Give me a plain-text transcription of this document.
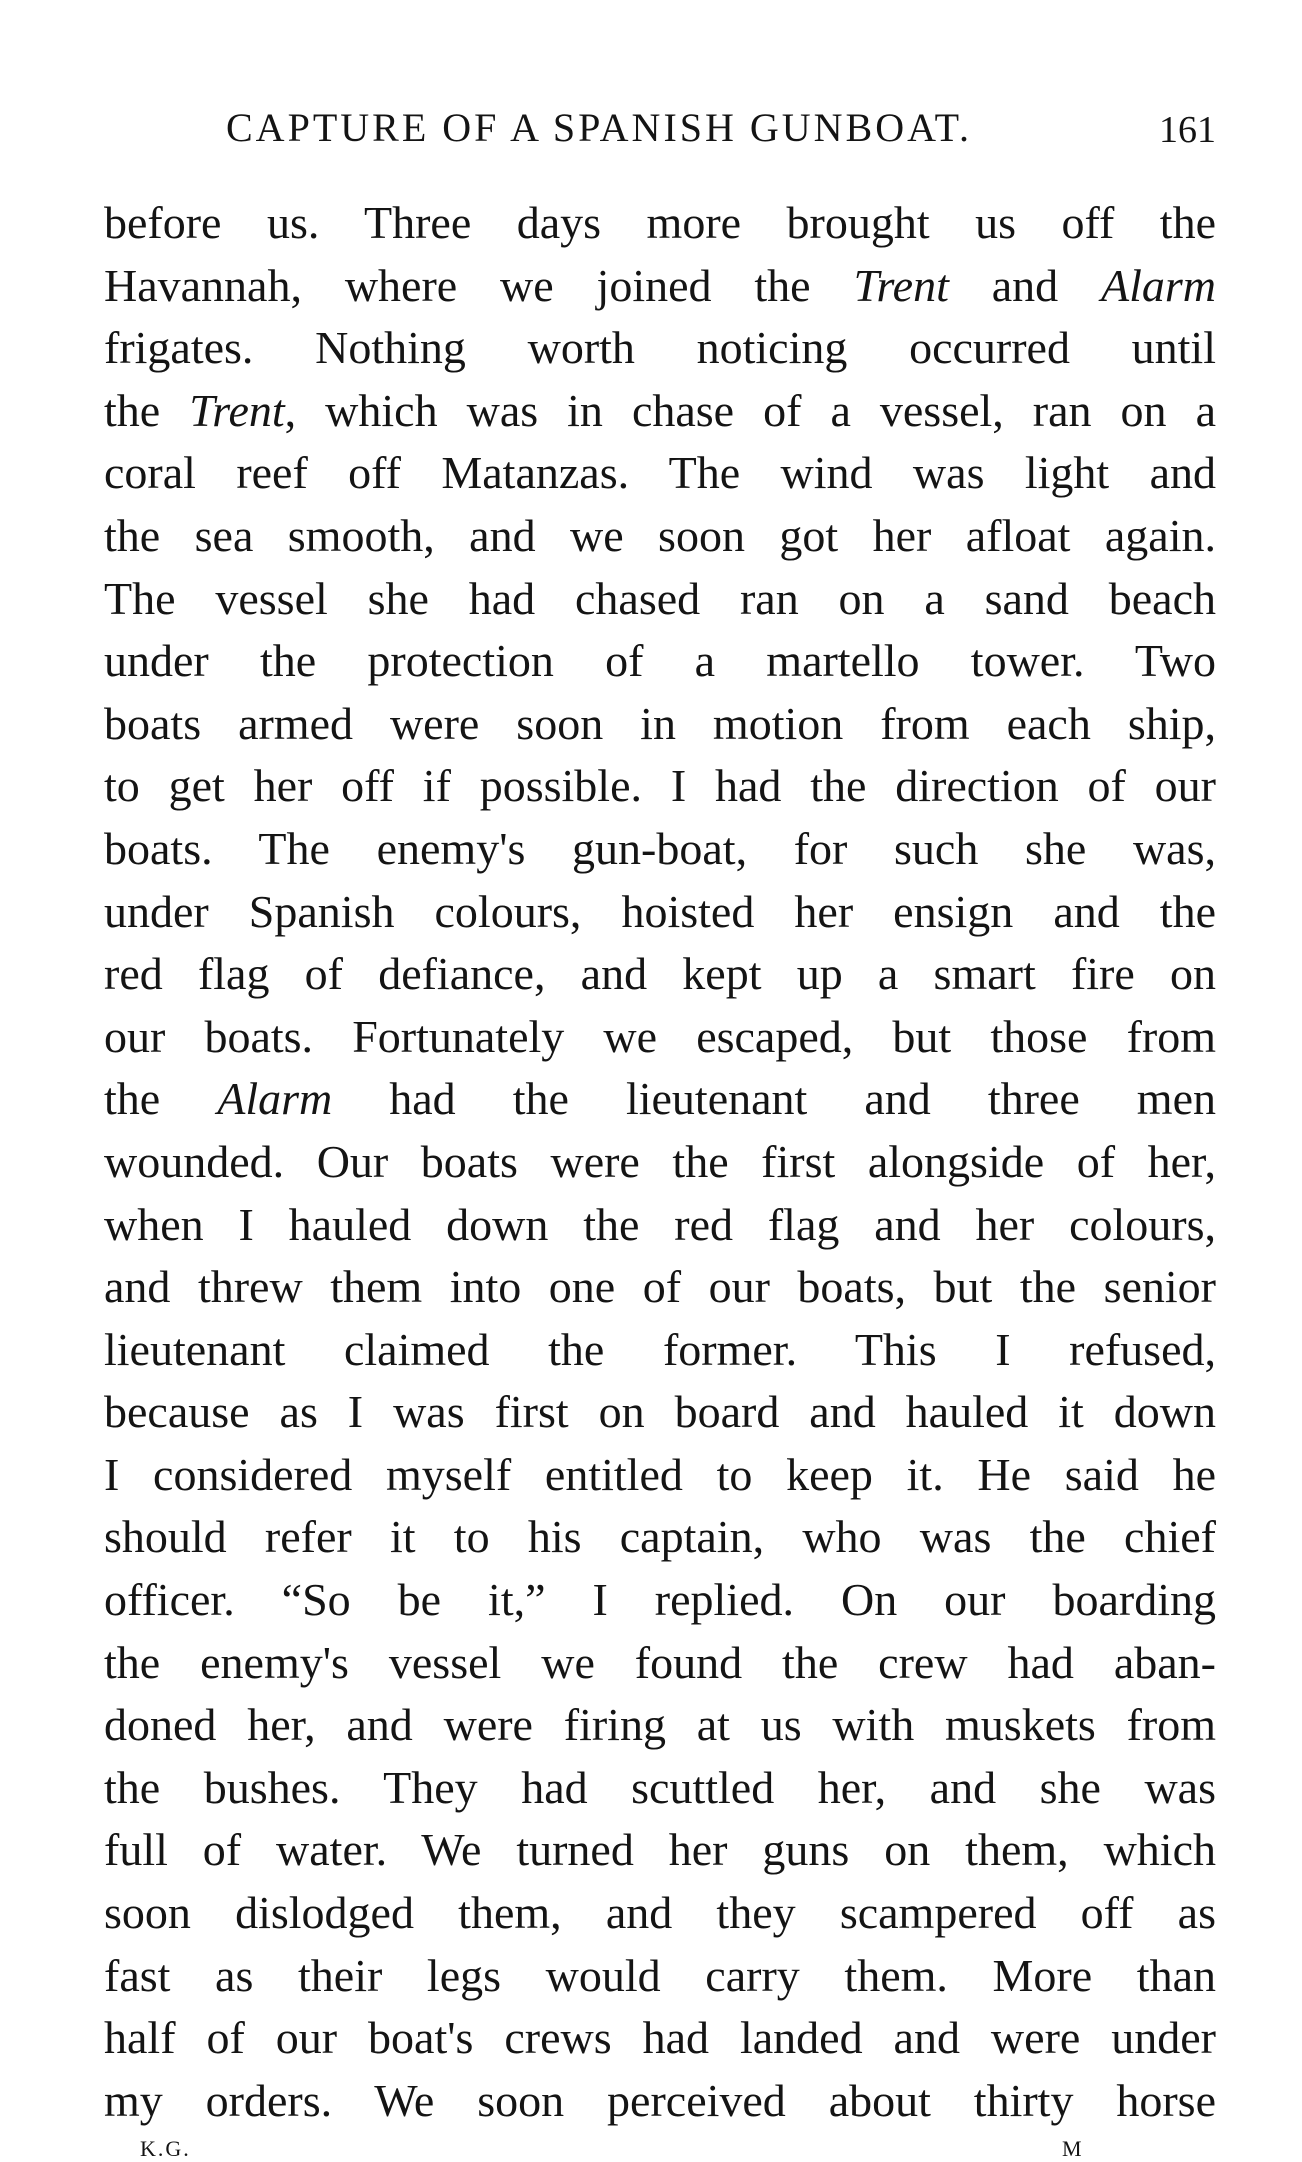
CAPTURE OF A SPANISH GUNBOAT.	161
before us. Three days more brought us off the
Havannah, where we joined the Trent and Alarm
frigates. Nothing worth noticing occurred until
the Trent, which was in chase of a vessel, ran on a
coral reef off Matanzas. The wind was light and
the sea smooth, and we soon got her afloat again.
The vessel she had chased ran on a sand beach
under the protection of a martello tower. Two
boats armed were soon in motion from each ship,
to get her off if possible. I had the direction of our
boats. The enemy's gun-boat, for such she was,
under Spanish colours, hoisted her ensign and the
red flag of defiance, and kept up a smart fire on
our boats. Fortunately we escaped, but those from
the Alarm had the lieutenant and three men
wounded. Our boats were the first alongside of her,
when I hauled down the red flag and her colours,
and threw them into one of our boats, but the senior
lieutenant claimed the former. This I refused,
because as I was first on board and hauled it down
I considered myself entitled to keep it. He said he
should refer it to his captain, who was the chief
officer. “So be it,” I replied. On our boarding
the enemy's vessel we found the crew had aban-
doned her, and were firing at us with muskets from
the bushes. They had scuttled her, and she was
full of water. We turned her guns on them, which
soon dislodged them, and they scampered off as
fast as their legs would carry them. More than
half of our boat's crews had landed and were under
my orders. We soon perceived about thirty horse
K.G.	M
